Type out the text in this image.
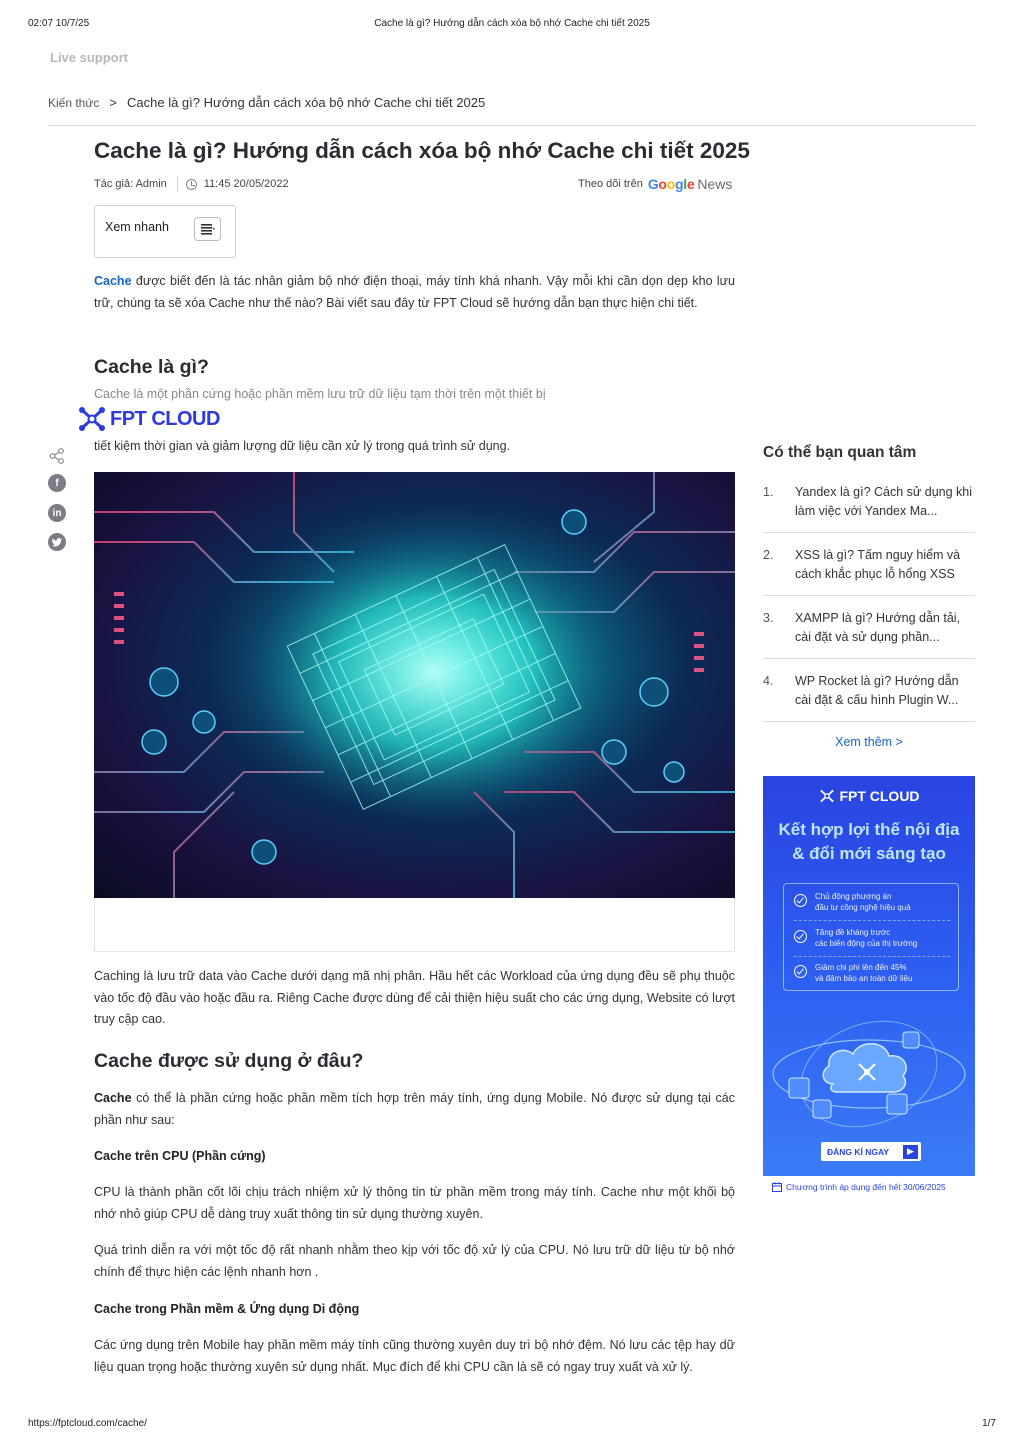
02:07 10/7/25	Cache là gì? Hướng dẫn cách xóa bộ nhớ Cache chi tiết 2025
Live support
Kiến thức > Cache là gì? Hướng dẫn cách xóa bộ nhớ Cache chi tiết 2025
Cache là gì? Hướng dẫn cách xóa bộ nhớ Cache chi tiết 2025
Tác giả: Admin	11:45 20/05/2022	Theo dõi trên Google News
Xem nhanh

Cache được biết đến là tác nhân giảm bộ nhớ điện thoại, máy tính khá nhanh. Vậy mỗi khi cần dọn dẹp kho lưu trữ, chúng ta sẽ xóa Cache như thế nào? Bài viết sau đây từ FPT Cloud sẽ hướng dẫn bạn thực hiện chi tiết.

Cache là gì?
Cache là một phần cứng hoặc phần mềm lưu trữ dữ liệu tạm thời trên một thiết bị
FPT CLOUD

tiết kiệm thời gian và giảm lượng dữ liệu cần xử lý trong quá trình sử dụng.

f
in

Caching là lưu trữ data vào Cache dưới dạng mã nhị phân. Hầu hết các Workload của ứng dụng đều sẽ phụ thuộc vào tốc độ đầu vào hoặc đầu ra. Riêng Cache được dùng để cải thiện hiệu suất cho các ứng dụng, Website có lượt truy cập cao.

Cache được sử dụng ở đâu?

Cache có thể là phần cứng hoặc phần mềm tích hợp trên máy tính, ứng dụng Mobile. Nó được sử dụng tại các phần như sau:

Cache trên CPU (Phần cứng)

CPU là thành phần cốt lõi chịu trách nhiệm xử lý thông tin từ phần mềm trong máy tính. Cache như một khối bộ nhớ nhỏ giúp CPU dễ dàng truy xuất thông tin sử dụng thường xuyên.

Quá trình diễn ra với một tốc độ rất nhanh nhằm theo kịp với tốc độ xử lý của CPU. Nó lưu trữ dữ liệu từ bộ nhớ chính để thực hiện các lệnh nhanh hơn .

Cache trong Phần mềm & Ứng dụng Di động

Các ứng dụng trên Mobile hay phần mềm máy tính cũng thường xuyên duy trì bộ nhớ đệm. Nó lưu các tệp hay dữ liệu quan trọng hoặc thường xuyên sử dụng nhất. Mục đích để khi CPU cần là sẽ có ngay truy xuất và xử lý.

Có thể bạn quan tâm
1.	Yandex là gì? Cách sử dụng khi làm việc với Yandex Ma...
2.	XSS là gì? Tấm nguy hiểm và cách khắc phục lỗ hổng XSS
3.	XAMPP là gì? Hướng dẫn tải, cài đặt và sử dụng phần...
4.	WP Rocket là gì? Hướng dẫn cài đặt & cấu hình Plugin W...
Xem thêm >
FPT CLOUD
Kết hợp lợi thế nội địa
& đổi mới sáng tạo
Chủ động phương án
đầu tư công nghệ hiệu quả
Tăng đề kháng trước
các biến động của thị trường
Giảm chi phí lên đến 45%
và đảm bảo an toàn dữ liệu
ĐĂNG KÍ NGAY	▶
Chương trình áp dụng đến hết 30/06/2025
https://fptcloud.com/cache/	1/7
